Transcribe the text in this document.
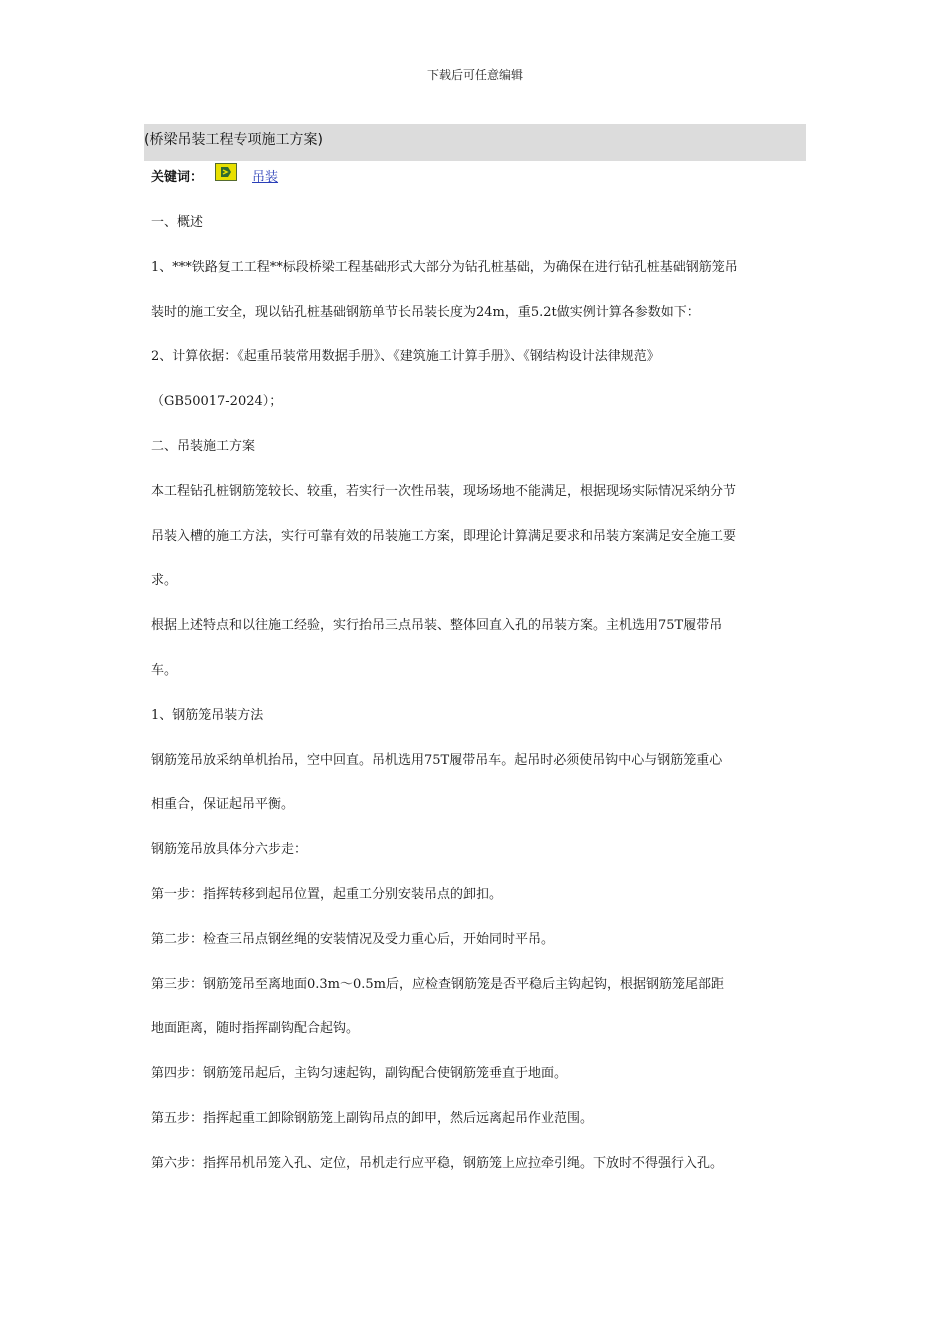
下载后可任意编辑
(桥梁吊装工程专项施工方案)
关键词：	吊装
一、概述
1、***铁路复工工程**标段桥梁工程基础形式大部分为钻孔桩基础，为确保在进行钻孔桩基础钢筋笼吊
装时的施工安全，现以钻孔桩基础钢筋单节长吊装长度为24m，重5.2t做实例计算各参数如下：
2、计算依据：《起重吊装常用数据手册》、《建筑施工计算手册》、《钢结构设计法律规范》
（GB50017-2024）；
二、吊装施工方案
本工程钻孔桩钢筋笼较长、较重，若实行一次性吊装，现场场地不能满足，根据现场实际情况采纳分节
吊装入槽的施工方法，实行可靠有效的吊装施工方案，即理论计算满足要求和吊装方案满足安全施工要
求。
根据上述特点和以往施工经验，实行抬吊三点吊装、整体回直入孔的吊装方案。主机选用75T履带吊
车。
1、钢筋笼吊装方法
钢筋笼吊放采纳单机抬吊，空中回直。吊机选用75T履带吊车。起吊时必须使吊钩中心与钢筋笼重心
相重合，保证起吊平衡。
钢筋笼吊放具体分六步走：
第一步：指挥转移到起吊位置，起重工分别安装吊点的卸扣。
第二步：检查三吊点钢丝绳的安装情况及受力重心后，开始同时平吊。
第三步：钢筋笼吊至离地面0.3m～0.5m后，应检查钢筋笼是否平稳后主钩起钩，根据钢筋笼尾部距
地面距离，随时指挥副钩配合起钩。
第四步：钢筋笼吊起后，主钩匀速起钩，副钩配合使钢筋笼垂直于地面。
第五步：指挥起重工卸除钢筋笼上副钩吊点的卸甲，然后远离起吊作业范围。
第六步：指挥吊机吊笼入孔、定位，吊机走行应平稳，钢筋笼上应拉牵引绳。下放时不得强行入孔。
